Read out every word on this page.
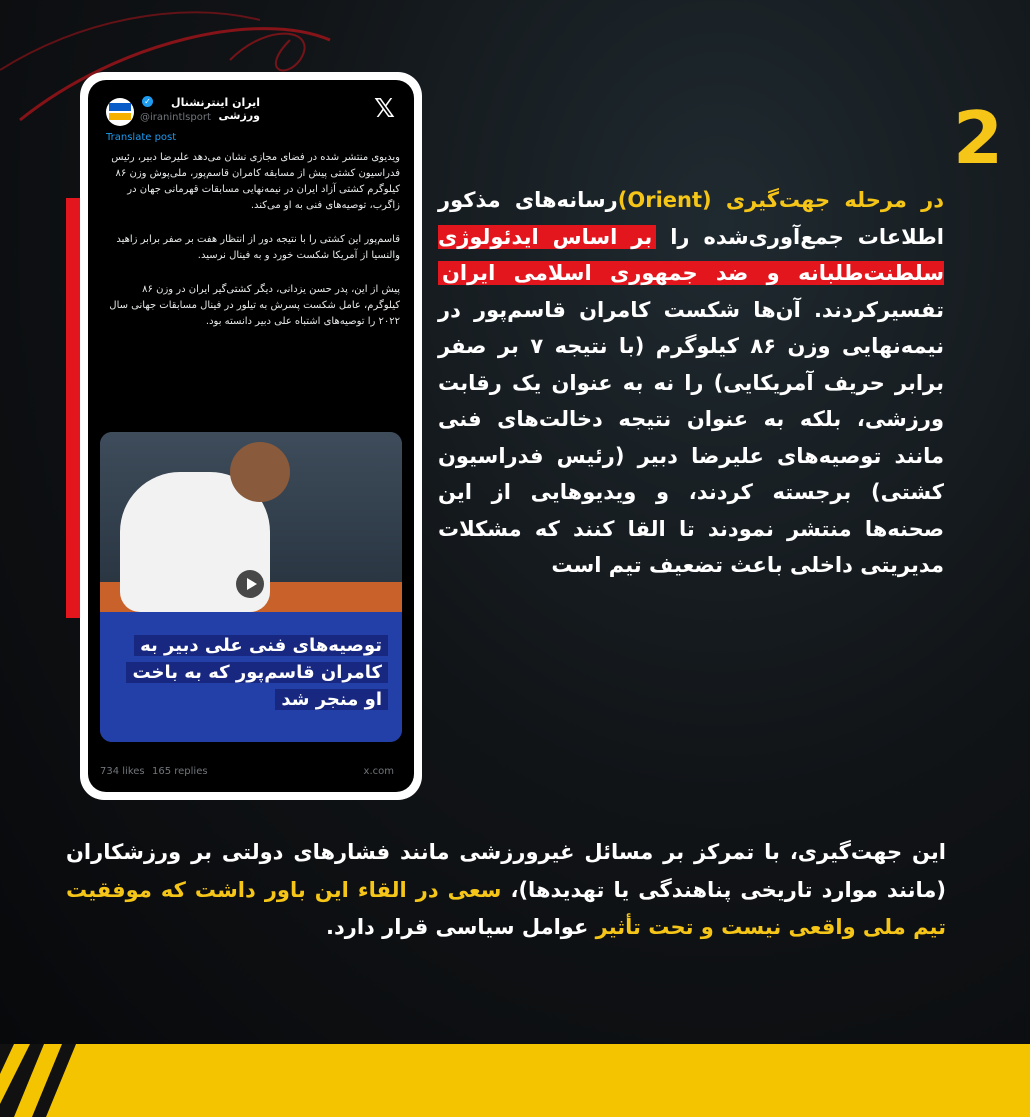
2
ایران اینترنشنال ورزشی
✓
@iranintlsport	𝕏
Translate post

ویدیوی منتشر شده در فضای مجازی نشان می‌دهد علیرضا دبیر، رئیس فدراسیون کشتی پیش از مسابقه کامران قاسم‌پور، ملی‌پوش وزن ۸۶ کیلوگرم کشتی آزاد ایران در نیمه‌نهایی مسابقات قهرمانی جهان در زاگرب، توصیه‌های فنی به او می‌کند.

قاسم‌پور این کشتی را با نتیجه دور از انتظار هفت بر صفر برابر زاهید والنسیا از آمریکا شکست خورد و به فینال نرسید.

پیش از این، پدر حسن یزدانی، دیگر کشتی‌گیر ایران در وزن ۸۶ کیلوگرم، عامل شکست پسرش به تیلور در فینال مسابقات جهانی سال ۲۰۲۲ را توصیه‌های اشتباه علی دبیر دانسته بود.

توصیه‌های فنی علی دبیر به کامران قاسم‌پور که به باخت او منجر شد
734 likes 165 replies	x.com
در مرحله جهت‌گیری (Orient)رسانه‌های مذکور اطلاعات جمع‌آوری‌شده را بر اساس ایدئولوژی سلطنت‌طلبانه و ضد جمهوری اسلامی ایران تفسیرکردند. آن‌ها شکست کامران قاسم‌پور در نیمه‌نهایی وزن ۸۶ کیلوگرم (با نتیجه ۷ بر صفر برابر حریف آمریکایی) را نه به عنوان یک رقابت ورزشی، بلکه به عنوان نتیجه دخالت‌های فنی مانند توصیه‌های علیرضا دبیر (رئیس فدراسیون کشتی) برجسته کردند، و ویدیوهایی از این صحنه‌ها منتشر نمودند تا القا کنند که مشکلات مدیریتی داخلی باعث تضعیف تیم است
این جهت‌گیری، با تمرکز بر مسائل غیرورزشی مانند فشارهای دولتی بر ورزشکاران (مانند موارد تاریخی پناهندگی یا تهدیدها)، سعی در القاء این باور داشت که موفقیت تیم ملی واقعی نیست و تحت تأثیر عوامل سیاسی قرار دارد.
